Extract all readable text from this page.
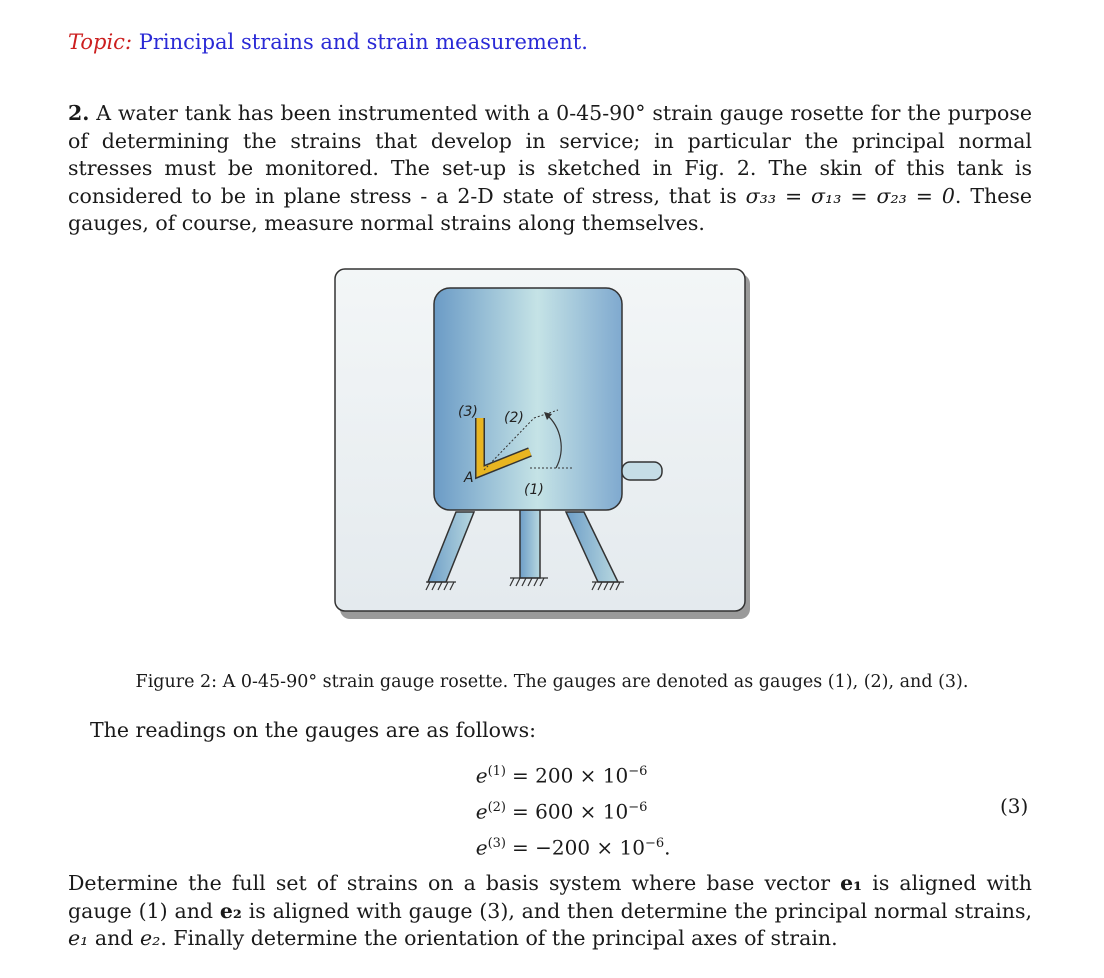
Topic: Principal strains and strain measurement.
2. A water tank has been instrumented with a 0-45-90° strain gauge rosette for the purpose of determining the strains that develop in service; in particular the principal normal stresses must be monitored. The set-up is sketched in Fig. 2. The skin of this tank is considered to be in plane stress - a 2-D state of stress, that is σ₃₃ = σ₁₃ = σ₂₃ = 0. These gauges, of course, measure normal strains along themselves.
(3) (2)
(1)
A
Figure 2: A 0-45-90° strain gauge rosette. The gauges are denoted as gauges (1), (2), and (3).
The readings on the gauges are as follows:
$e^{(1)} = 200 \times 10^{-6}$
$e^{(2)} = 600 \times 10^{-6}$
$e^{(3)} = -200 \times 10^{-6}$.
(3)
Determine the full set of strains on a basis system where base vector e₁ is aligned with gauge (1) and e₂ is aligned with gauge (3), and then determine the principal normal strains, e₁ and e₂. Finally determine the orientation of the principal axes of strain.
